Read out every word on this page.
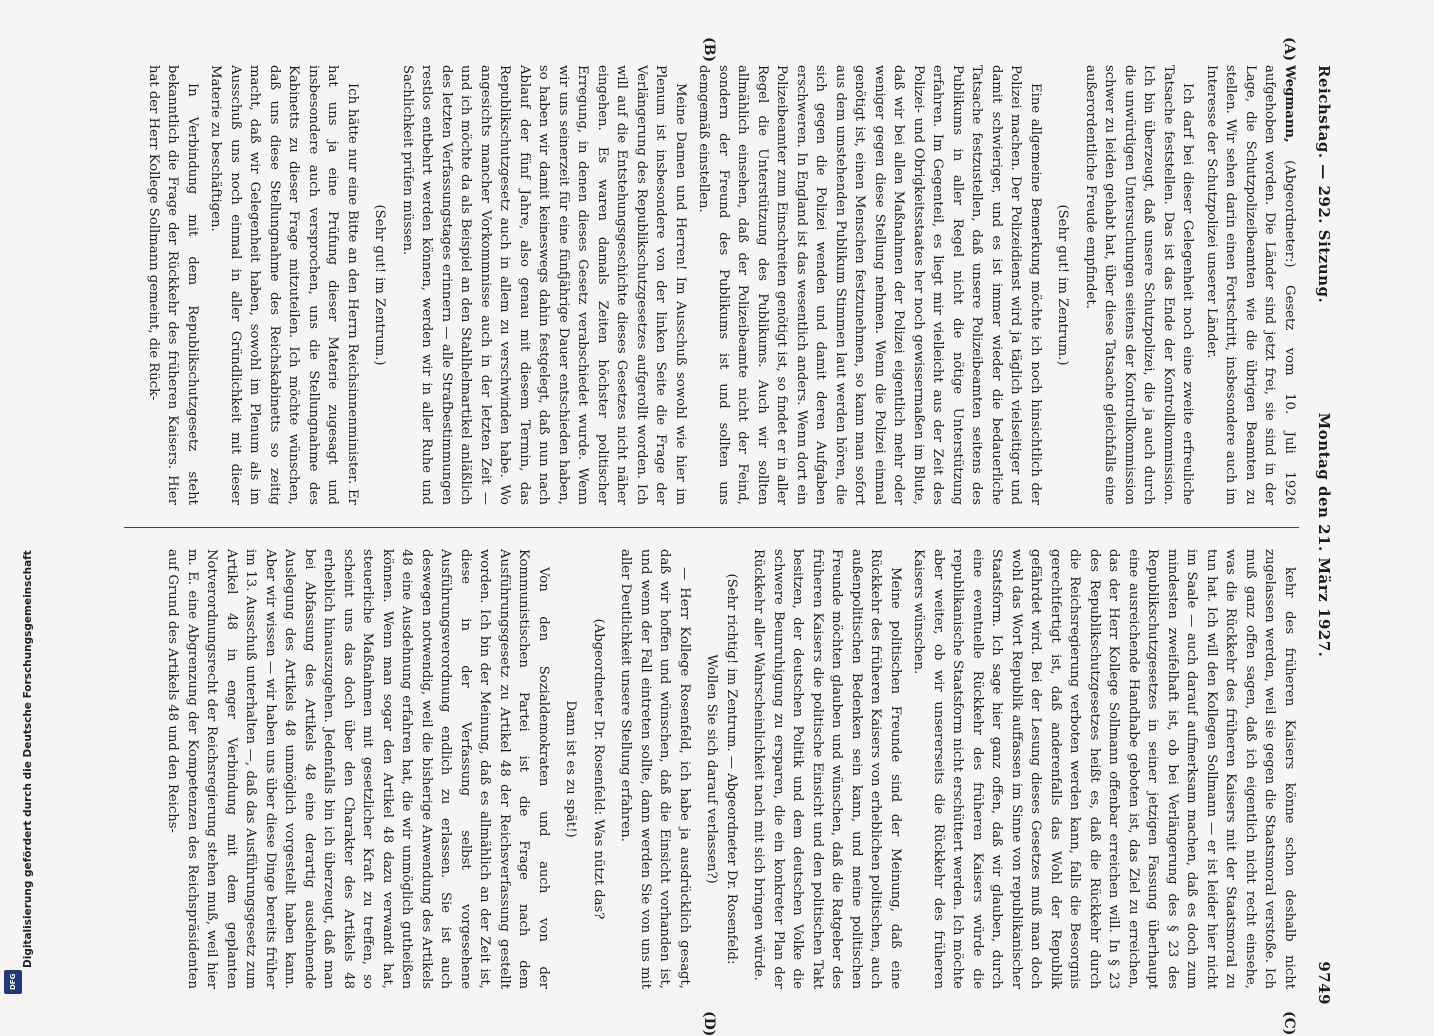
Reichstag. — 292. Sitzung.
Montag den 21. März 1927.
9749
(A)
(B)
(C)
(D)

Wegmann, (Abgeordneter:) Gesetz vom 10. Juli 1926 aufgehoben worden. Die Länder sind jetzt frei, sie sind in der Lage, die Schutzpolizeibeamten wie die übrigen Beamten zu stellen. Wir sehen darin einen Fortschritt, insbesondere auch im Interesse der Schutzpolizei unserer Länder.

Ich darf bei dieser Gelegenheit noch eine zweite erfreuliche Tatsache feststellen. Das ist das Ende der Kontrollkommission. Ich bin überzeugt, daß unsere Schutzpolizei, die ja auch durch die unwürdigen Untersuchungen seitens der Kontrollkommission schwer zu leiden gehabt hat, über diese Tatsache gleichfalls eine außerordentliche Freude empfindet.

(Sehr gut! im Zentrum.)

Eine allgemeine Bemerkung möchte ich noch hinsichtlich der Polizei machen. Der Polizeidienst wird ja täglich vielseitiger und damit schwieriger, und es ist immer wieder die bedauerliche Tatsache festzustellen, daß unsere Polizeibeamten seitens des Publikums in aller Regel nicht die nötige Unterstützung erfahren. Im Gegenteil, es liegt mir vielleicht aus der Zeit des Polizei- und Obrigkeitsstaates her noch gewissermaßen im Blute, daß wir bei allen Maßnahmen der Polizei eigentlich mehr oder weniger gegen diese Stellung nehmen. Wenn die Polizei einmal genötigt ist, einen Menschen festzunehmen, so kann man sofort aus dem umstehenden Publikum Stimmen laut werden hören, die sich gegen die Polizei wenden und damit deren Aufgaben erschweren. In England ist das wesentlich anders. Wenn dort ein Polizeibeamter zum Einschreiten genötigt ist, so findet er in aller Regel die Unterstützung des Publikums. Auch wir sollten allmählich einsehen, daß der Polizeibeamte nicht der Feind, sondern der Freund des Publikums ist und sollten uns demgemäß einstellen.

Meine Damen und Herren! Im Ausschuß sowohl wie hier im Plenum ist insbesondere von der linken Seite die Frage der Verlängerung des Republikschutzgesetzes aufgerollt worden. Ich will auf die Entstehungsgeschichte dieses Gesetzes nicht näher eingehen. Es waren damals Zeiten höchster politischer Erregung, in denen dieses Gesetz verabschiedet wurde. Wenn wir uns seinerzeit für eine fünfjährige Dauer entschieden haben, so haben wir damit keineswegs dahin festgelegt, daß nun nach Ablauf der fünf Jahre, also genau mit diesem Termin, das Republikschutzgesetz auch in allem zu verschwinden habe. Wo angesichts mancher Vorkommnisse auch in der letzten Zeit — und ich möchte da als Beispiel an den Stahlhelmartikel anläßlich des letzten Verfassungstages erinnern — alle Strafbestimmungen restlos entbehrt werden können, werden wir in aller Ruhe und Sachlichkeit prüfen müssen.

(Sehr gut! im Zentrum.)

Ich hätte nur eine Bitte an den Herrn Reichsinnenminister. Er hat uns ja eine Prüfung dieser Materie zugesagt und insbesondere auch versprochen, uns die Stellungnahme des Kabinetts zu dieser Frage mitzuteilen. Ich möchte wünschen, daß uns diese Stellungnahme des Reichskabinetts so zeitig macht, daß wir Gelegenheit haben, sowohl im Plenum als im Ausschuß uns noch einmal in aller Gründlichkeit mit dieser Materie zu beschäftigen.

In Verbindung mit dem Republikschutzgesetz steht bekanntlich die Frage der Rückkehr des früheren Kaisers. Hier hat der Herr Kollege Sollmann gemeint, die Rück-

kehr des früheren Kaisers könne schon deshalb nicht zugelassen werden, weil sie gegen die Staatsmoral verstoße. Ich muß ganz offen sagen, daß ich eigentlich nicht recht einsehe, was die Rückkehr des früheren Kaisers mit der Staatsmoral zu tun hat. Ich will den Kollegen Sollmann — er ist leider hier nicht im Saale — auch darauf aufmerksam machen, daß es doch zum mindesten zweifelhaft ist, ob bei Verlängerung des § 23 des Republikschutzgesetzes in seiner jetzigen Fassung überhaupt eine ausreichende Handhabe geboten ist, das Ziel zu erreichen, das der Herr Kollege Sollmann offenbar erreichen will. In § 23 des Republikschutzgesetzes heißt es, daß die Rückkehr durch die Reichsregierung verboten werden kann, falls die Besorgnis gerechtfertigt ist, daß anderenfalls das Wohl der Republik gefährdet wird. Bei der Lesung dieses Gesetzes muß man doch wohl das Wort Republik auffassen im Sinne von republikanischer Staatsform. Ich sage hier ganz offen, daß wir glauben, durch eine eventuelle Rückkehr des früheren Kaisers würde die republikanische Staatsform nicht erschüttert werden. Ich möchte aber weiter, ob wir unsererseits die Rückkehr des früheren Kaisers wünschen.

Meine politischen Freunde sind der Meinung, daß eine Rückkehr des früheren Kaisers von erheblichen politischen, auch außenpolitischen Bedenken sein kann, und meine politischen Freunde möchten glauben und wünschen, daß die Ratgeber des früheren Kaisers die politische Einsicht und den politischen Takt besitzen, der deutschen Politik und dem deutschen Volke die schwere Beunruhigung zu ersparen, die ein konkreter Plan der Rückkehr aller Wahrscheinlichkeit nach mit sich bringen würde.

(Sehr richtig! im Zentrum. — Abgeordneter Dr. Rosenfeld: Wollen Sie sich darauf verlassen?)

— Herr Kollege Rosenfeld, ich habe ja ausdrücklich gesagt, daß wir hoffen und wünschen, daß die Einsicht vorhanden ist, und wenn der Fall eintreten sollte, dann werden Sie von uns mit aller Deutlichkeit unsere Stellung erfahren.

(Abgeordneter Dr. Rosenfeld: Was nützt das?

Dann ist es zu spät!)

Von den Sozialdemokraten und auch von der Kommunistischen Partei ist die Frage nach dem Ausführungsgesetz zu Artikel 48 der Reichsverfassung gestellt worden. Ich bin der Meinung, daß es allmählich an der Zeit ist, diese in der Verfassung selbst vorgesehene Ausführungsverordnung endlich zu erlassen. Sie ist auch deswegen notwendig, weil die bisherige Anwendung des Artikels 48 eine Ausdehnung erfahren hat, die wir unmöglich gutheißen können. Wenn man sogar den Artikel 48 dazu verwandt hat, steuerliche Maßnahmen mit gesetzlicher Kraft zu treffen, so scheint uns das doch über den Charakter des Artikels 48 erheblich hinauszugehen. Jedenfalls bin ich überzeugt, daß man bei Abfassung des Artikels 48 eine derartig ausdehnende Auslegung des Artikels 48 unmöglich vorgestellt haben kann. Aber wir wissen — wir haben uns über diese Dinge bereits früher im 13. Ausschuß unterhalten —, daß das Ausführungsgesetz zum Artikel 48 in enger Verbindung mit dem geplanten Notverordnungsrecht der Reichsregierung stehen muß, weil hier m. E. eine Abgrenzung der Kompetenzen des Reichspräsidenten auf Grund des Artikels 48 und den Reichs-

Digitalisierung gefördert durch die Deutsche Forschungsgemeinschaft
DFG
